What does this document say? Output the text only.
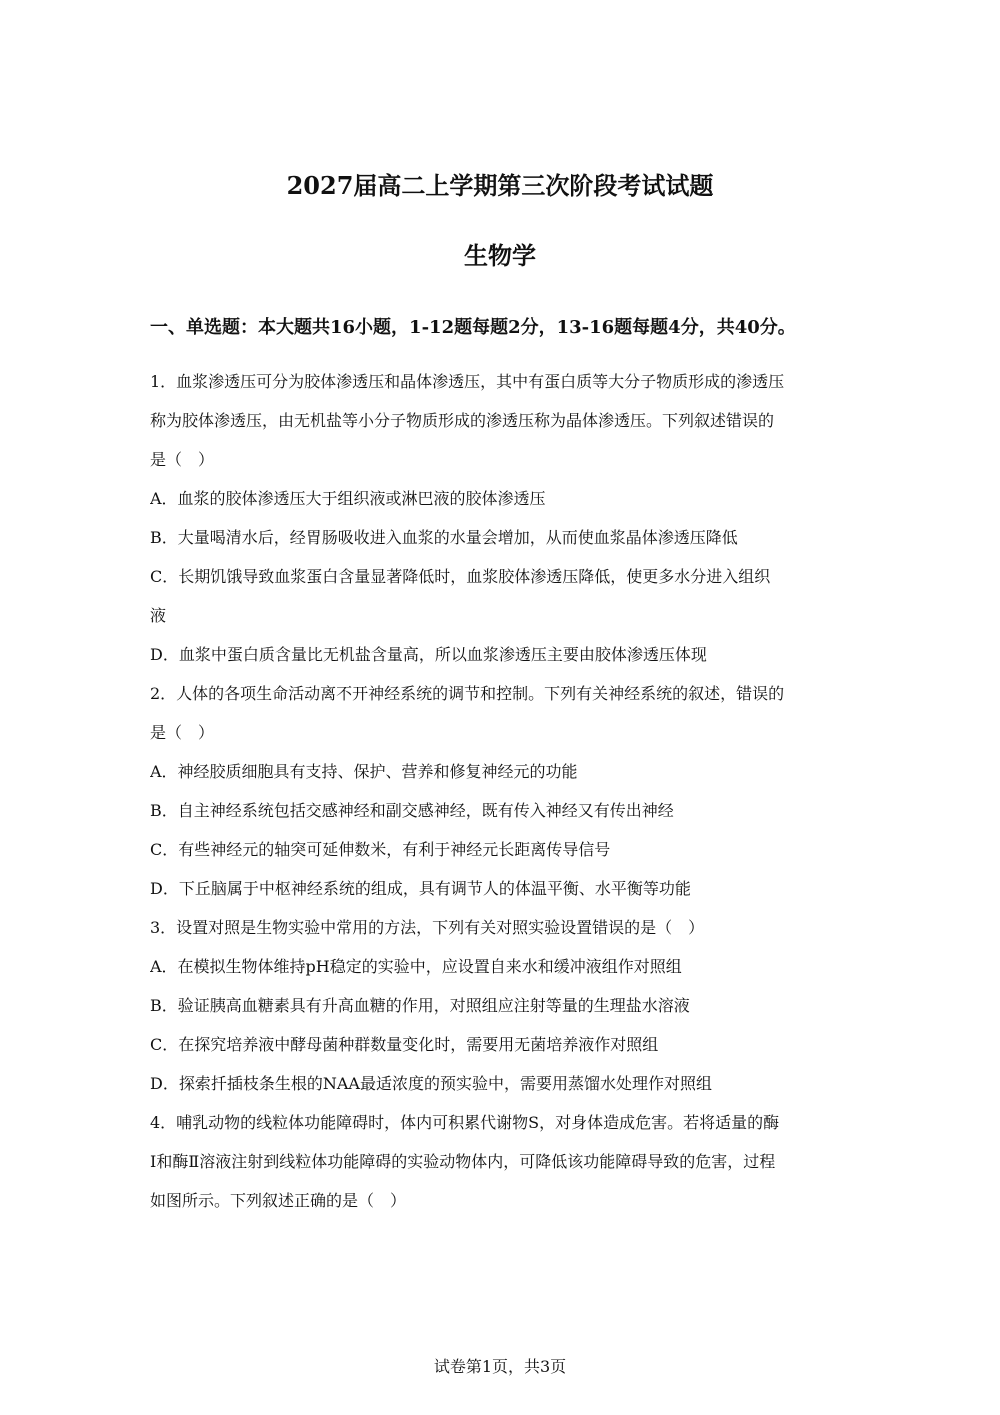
2027届高二上学期第三次阶段考试试题
生物学
一、单选题：本大题共16小题，1-12题每题2分，13-16题每题4分，共40分。
1．血浆渗透压可分为胶体渗透压和晶体渗透压，其中有蛋白质等大分子物质形成的渗透压
称为胶体渗透压，由无机盐等小分子物质形成的渗透压称为晶体渗透压。下列叙述错误的
是（　）
A．血浆的胶体渗透压大于组织液或淋巴液的胶体渗透压
B．大量喝清水后，经胃肠吸收进入血浆的水量会增加，从而使血浆晶体渗透压降低
C．长期饥饿导致血浆蛋白含量显著降低时，血浆胶体渗透压降低，使更多水分进入组织
液
D．血浆中蛋白质含量比无机盐含量高，所以血浆渗透压主要由胶体渗透压体现
2．人体的各项生命活动离不开神经系统的调节和控制。下列有关神经系统的叙述，错误的
是（　）
A．神经胶质细胞具有支持、保护、营养和修复神经元的功能
B．自主神经系统包括交感神经和副交感神经，既有传入神经又有传出神经
C．有些神经元的轴突可延伸数米，有利于神经元长距离传导信号
D．下丘脑属于中枢神经系统的组成，具有调节人的体温平衡、水平衡等功能
3．设置对照是生物实验中常用的方法，下列有关对照实验设置错误的是（　）
A．在模拟生物体维持pH稳定的实验中，应设置自来水和缓冲液组作对照组
B．验证胰高血糖素具有升高血糖的作用，对照组应注射等量的生理盐水溶液
C．在探究培养液中酵母菌种群数量变化时，需要用无菌培养液作对照组
D．探索扦插枝条生根的NAA最适浓度的预实验中，需要用蒸馏水处理作对照组
4．哺乳动物的线粒体功能障碍时，体内可积累代谢物S，对身体造成危害。若将适量的酶
Ⅰ和酶Ⅱ溶液注射到线粒体功能障碍的实验动物体内，可降低该功能障碍导致的危害，过程
如图所示。下列叙述正确的是（　）
试卷第1页，共3页
